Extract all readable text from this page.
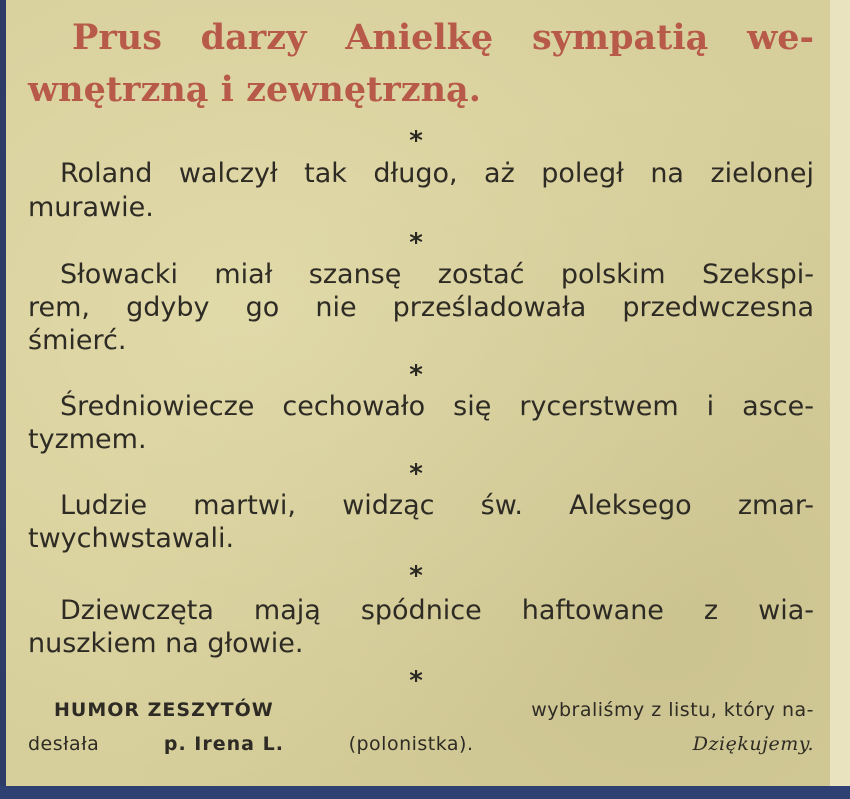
Prus darzy Anielkę sympatią we-
wnętrzną i zewnętrzną.
*
Roland walczył tak długo, aż poległ na zielonej
murawie.
*
Słowacki miał szansę zostać polskim Szekspi-
rem, gdyby go nie prześladowała przedwczesna
śmierć.
*
Średniowiecze cechowało się rycerstwem i asce-
tyzmem.
*
Ludzie martwi, widząc św. Aleksego zmar-
twychwstawali.
*
Dziewczęta mają spódnice haftowane z wia-
nuszkiem na głowie.
*
HUMOR ZESZYTÓW	wybraliśmy z listu, który na-
desłała	p. Irena L.	(polonistka).	Dziękujemy.
